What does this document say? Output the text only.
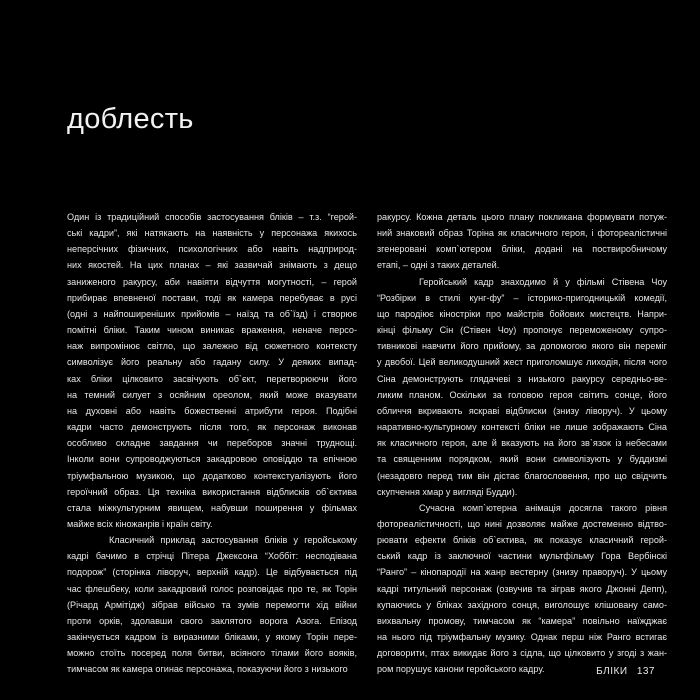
доблесть
Один із традиційний способів застосування бліків – т.з. “герой-
ські кадри”, які натякають на наявність у персонажа якихось
неперсічних фізичних, психологічних або навіть надприрод-
них якостей. На цих планах – які зазвичай знімають з дещо
заниженого ракурсу, аби навіяти відчуття могутності, – герой
прибирає впевненої постави, тоді як камера перебуває в русі
(одні з найпоширеніших прийомів – наїзд та об`їзд) і створює
помітні бліки. Таким чином виникає враження, неначе персо-
наж випромінює світло, що залежно від сюжетного контексту
символізує його реальну або гадану силу. У деяких випад-
ках бліки цілковито засвічують об`єкт, перетворюючи його
на темний силует з осяйним ореолом, який може вказувати
на духовні або навіть божественні атрибути героя. Подібні
кадри часто демонструють після того, як персонаж виконав
особливо складне завдання чи переборов значні труднощі.
Інколи вони супроводжуються закадровою оповіддю та епічною
тріумфальною музикою, що додатково контекстуалізують його
героїчний образ. Ця техніка використання відблисків об`єктива
стала міжкультурним явищем, набувши поширення у фільмах
майже всіх кіножанрів і країн світу.
Класичний приклад застосування бліків у геройському
кадрі бачимо в стрічці Пітера Джексона “Хоббіт: несподівана
подорож” (сторінка ліворуч, верхній кадр). Це відбувається під
час флешбеку, коли закадровий голос розповідає про те, як Торін
(Річард Армітідж) зібрав військо та зумів перемогти хід війни
проти орків, здолавши свого заклятого ворога Азога. Епізод
закінчується кадром із виразними бліками, у якому Торін пере-
можно стоїть посеред поля битви, всіяного тілами його вояків,
тимчасом як камера огинає персонажа, показуючи його з низького
ракурсу. Кожна деталь цього плану покликана формувати потуж-
ний знаковий образ Торіна як класичного героя, і фотореалістичні
згенеровані комп`ютером бліки, додані на поствиробничому
етапі, – одні з таких деталей.
Геройський кадр знаходимо й у фільмі Стівена Чоу
“Розбірки в стилі кунг-фу” – історико-пригодницькій комедії,
що пародіює кіностріки про майстрів бойових мистецтв. Напри-
кінці фільму Сін (Стівен Чоу) пропонує переможеному супро-
тивникові навчити його прийому, за допомогою якого він переміг
у двобої. Цей великодушний жест приголомшує лиходія, після чого
Сіна демонструють глядачеві з низького ракурсу середньо-ве-
ликим планом. Оскільки за головою героя світить сонце, його
обличчя вкривають яскраві відблиски (знизу ліворуч). У цьому
наративно-культурному контексті бліки не лише зображають Сіна
як класичного героя, але й вказують на його зв`язок із небесами
та священним порядком, який вони символізують у буддизмі
(незадовго перед тим він дістає благословення, про що свідчить
скупчення хмар у вигляді Будди).
Сучасна комп`ютерна анімація досягла такого рівня
фотореалістичності, що нині дозволяє майже достеменно відтво-
рювати ефекти бліків об`єктива, як показує класичний герой-
ський кадр із заключної частини мультфільму Гора Вербінскі
“Ранго” – кінопародії на жанр вестерну (знизу праворуч). У цьому
кадрі титульний персонаж (озвучив та зіграв якого Джонні Депп),
купаючись у бліках західного сонця, виголошує клішовану само-
вихвальну промову, тимчасом як “камера” повільно наїжджає
на нього під тріумфальну музику. Однак перш ніж Ранго встигає
договорити, птах викидає його з сідла, що цілковито у згоді з жан-
ром порушує канони геройського кадру.	БЛІКИ 137
